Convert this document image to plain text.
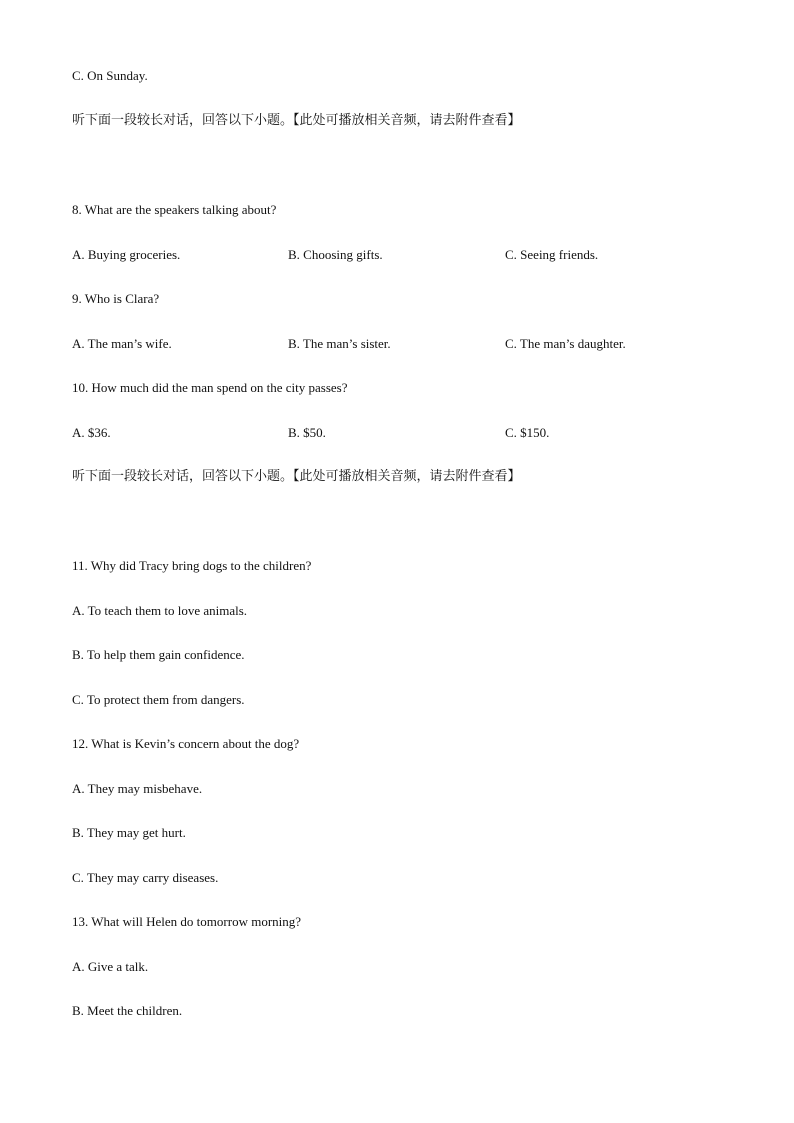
C. On Sunday.
听下面一段较长对话，回答以下小题。【此处可播放相关音频，请去附件查看】
8. What are the speakers talking about?
A. Buying groceries.	B. Choosing gifts.	C. Seeing friends.
9. Who is Clara?
A. The man’s wife.	B. The man’s sister.	C. The man’s daughter.
10. How much did the man spend on the city passes?
A. $36.	B. $50.	C. $150.
听下面一段较长对话，回答以下小题。【此处可播放相关音频，请去附件查看】
11. Why did Tracy bring dogs to the children?
A. To teach them to love animals.
B. To help them gain confidence.
C. To protect them from dangers.
12. What is Kevin’s concern about the dog?
A. They may misbehave.
B. They may get hurt.
C. They may carry diseases.
13. What will Helen do tomorrow morning?
A. Give a talk.
B. Meet the children.
